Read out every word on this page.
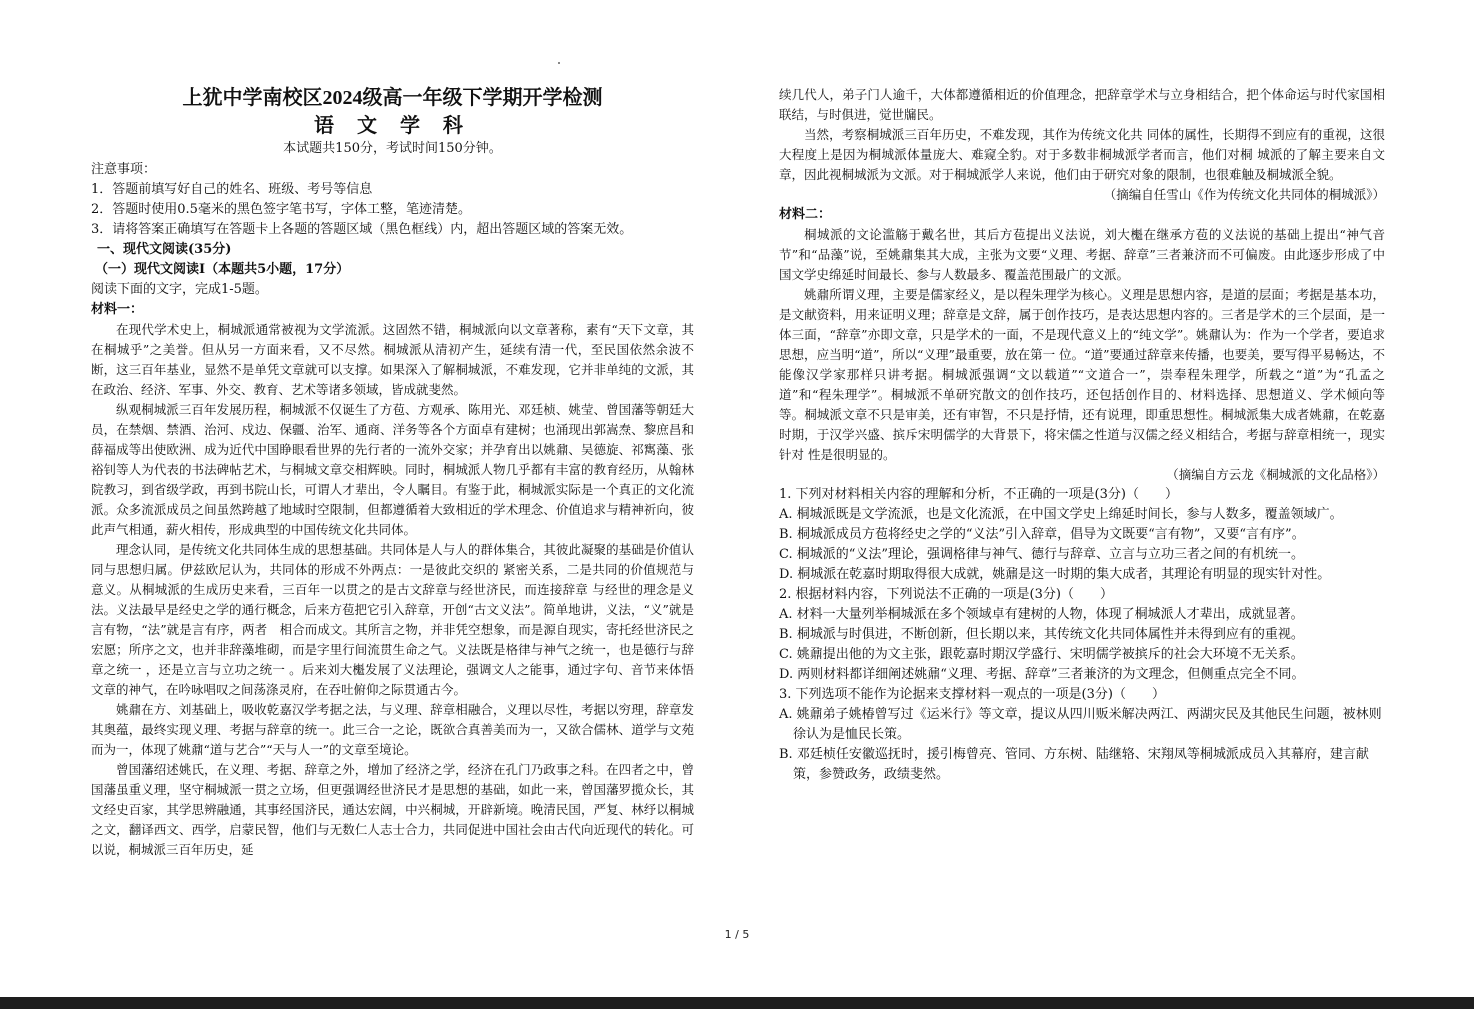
上犹中学南校区2024级高一年级下学期开学检测
语 文 学 科

本试题共150分，考试时间150分钟。

注意事项：

1．答题前填写好自己的姓名、班级、考号等信息

2．答题时使用0.5毫米的黑色签字笔书写，字体工整，笔迹清楚。

3．请将答案正确填写在答题卡上各题的答题区域（黑色框线）内，超出答题区域的答案无效。

一、现代文阅读(35分)

（一）现代文阅读Ⅰ（本题共5小题，17分）

阅读下面的文字，完成1-5题。

材料一：

在现代学术史上，桐城派通常被视为文学流派。这固然不错，桐城派向以文章著称，素有“天下文章，其在桐城乎”之美誉。但从另一方面来看，又不尽然。桐城派从清初产生，延续有清一代，至民国依然余波不断，这三百年基业，显然不是单凭文章就可以支撑。如果深入了解桐城派，不难发现，它并非单纯的文派，其在政治、经济、军事、外交、教育、艺术等诸多领域，皆成就斐然。

纵观桐城派三百年发展历程，桐城派不仅诞生了方苞、方观承、陈用光、邓廷桢、姚莹、曾国藩等朝廷大员，在禁烟、禁酒、治河、戍边、保疆、治军、通商、洋务等各个方面卓有建树；也涌现出郭嵩焘、黎庶昌和薛福成等出使欧洲、成为近代中国睁眼看世界的先行者的一流外交家；并孕育出以姚鼐、吴德旋、祁寯藻、张裕钊等人为代表的书法碑帖艺术，与桐城文章交相辉映。同时，桐城派人物几乎都有丰富的教育经历，从翰林院教习，到省级学政，再到书院山长，可谓人才辈出，令人瞩目。有鉴于此，桐城派实际是一个真正的文化流派。众多流派成员之间虽然跨越了地域时空限制，但都遵循着大致相近的学术理念、价值追求与精神祈向，彼此声气相通，薪火相传，形成典型的中国传统文化共同体。

理念认同，是传统文化共同体生成的思想基础。共同体是人与人的群体集合，其彼此凝聚的基础是价值认同与思想归属。伊兹欧尼认为，共同体的形成不外两点：一是彼此交织的 紧密关系，二是共同的价值规范与意义。从桐城派的生成历史来看，三百年一以贯之的是古文辞章与经世济民，而连接辞章 与经世的理念是义法。义法最早是经史之学的通行概念，后来方苞把它引入辞章，开创“古文义法”。简单地讲，义法，“义”就是言有物，“法”就是言有序，两者　相合而成文。其所言之物，并非凭空想象，而是源自现实，寄托经世济民之宏愿；所序之文，也并非辞藻堆砌，而是字里行间流贯生命之气。义法既是格律与神气之统一，也是德行与辞章之统一 ，还是立言与立功之统一 。后来刘大櫆发展了义法理论，强调文人之能事，通过字句、音节来体悟文章的神气，在吟咏唱叹之间荡涤灵府，在吞吐俯仰之际贯通古今。

姚鼐在方、刘基础上，吸收乾嘉汉学考据之法，与义理、辞章相融合，义理以尽性，考据以穷理，辞章发其奥蕴，最终实现义理、考据与辞章的统一。此三合一之论，既欲合真善美而为一，又欲合儒林、道学与文苑而为一，体现了姚鼐“道与艺合”“天与人一”的文章至境论。

曾国藩绍述姚氏，在义理、考据、辞章之外，增加了经济之学，经济在孔门乃政事之科。在四者之中，曾国藩虽重义理，坚守桐城派一贯之立场，但更强调经世济民才是思想的基础，如此一来，曾国藩罗揽众长，其文经史百家，其学思辨融通，其事经国济民，通达宏阔，中兴桐城，开辟新境。晚清民国，严复、林纾以桐城之文，翻译西文、西学，启蒙民智，他们与无数仁人志士合力，共同促进中国社会由古代向近现代的转化。可以说，桐城派三百年历史，延

续几代人，弟子门人逾千，大体都遵循相近的价值理念，把辞章学术与立身相结合，把个体命运与时代家国相联结，与时俱进，觉世牖民。

当然，考察桐城派三百年历史，不难发现，其作为传统文化共 同体的属性，长期得不到应有的重视，这很大程度上是因为桐城派体量庞大、难窥全豹。对于多数非桐城派学者而言，他们对桐 城派的了解主要来自文章，因此视桐城派为文派。对于桐城派学人来说，他们由于研究对象的限制，也很难触及桐城派全貌。

（摘编自任雪山《作为传统文化共同体的桐城派》）

材料二：

桐城派的文论滥觞于戴名世，其后方苞提出义法说，刘大櫆在继承方苞的义法说的基础上提出“神气音节”和“品藻”说，至姚鼐集其大成，主张为文要“义理、考据、辞章”三者兼济而不可偏废。由此逐步形成了中国文学史绵延时间最长、参与人数最多、覆盖范围最广的文派。

姚鼐所谓义理，主要是儒家经义，是以程朱理学为核心。义理是思想内容，是道的层面；考据是基本功，是文献资料，用来证明义理；辞章是文辞，属于创作技巧，是表达思想内容的。三者是学术的三个层面，是一体三面，“辞章”亦即文章，只是学术的一面，不是现代意义上的“纯文学”。姚鼐认为：作为一个学者，要追求思想，应当明“道”，所以“义理”最重要，放在第一 位。“道”要通过辞章来传播，也要美，要写得平易畅达，不能像汉学家那样只讲考据。桐城派强调“文以载道”“文道合一”，崇奉程朱理学，所载之“道”为“孔孟之道”和“程朱理学”。桐城派不单研究散文的创作技巧，还包括创作目的、材料选择、思想道义、学术倾向等等。桐城派文章不只是审美，还有审智，不只是抒情，还有说理，即重思想性。桐城派集大成者姚鼐，在乾嘉时期，于汉学兴盛、摈斥宋明儒学的大背景下，将宋儒之性道与汉儒之经义相结合，考据与辞章相统一，现实针对 性是很明显的。

（摘编自方云龙《桐城派的文化品格》）

1. 下列对材料相关内容的理解和分析，不正确的一项是(3分)（　　）

A. 桐城派既是文学流派，也是文化流派，在中国文学史上绵延时间长，参与人数多，覆盖领域广。

B. 桐城派成员方苞将经史之学的“义法”引入辞章，倡导为文既要“言有物”，又要“言有序”。

C. 桐城派的“义法”理论，强调格律与神气、德行与辞章、立言与立功三者之间的有机统一。

D. 桐城派在乾嘉时期取得很大成就，姚鼐是这一时期的集大成者，其理论有明显的现实针对性。

2. 根据材料内容，下列说法不正确的一项是(3分)（　　）

A. 材料一大量列举桐城派在多个领域卓有建树的人物，体现了桐城派人才辈出，成就显著。

B. 桐城派与时俱进，不断创新，但长期以来，其传统文化共同体属性并未得到应有的重视。

C. 姚鼐提出他的为文主张，跟乾嘉时期汉学盛行、宋明儒学被摈斥的社会大环境不无关系。

D. 两则材料都详细阐述姚鼐“义理、考据、辞章”三者兼济的为文理念，但侧重点完全不同。

3. 下列选项不能作为论据来支撑材料一观点的一项是(3分)（　　）

A. 姚鼐弟子姚椿曾写过《运米行》等文章，提议从四川贩米解决两江、两湖灾民及其他民生问题，被林则徐认为是恤民长策。

B. 邓廷桢任安徽巡抚时，援引梅曾亮、管同、方东树、陆继辂、宋翔凤等桐城派成员入其幕府，建言献策，参赞政务，政绩斐然。

1 / 5
